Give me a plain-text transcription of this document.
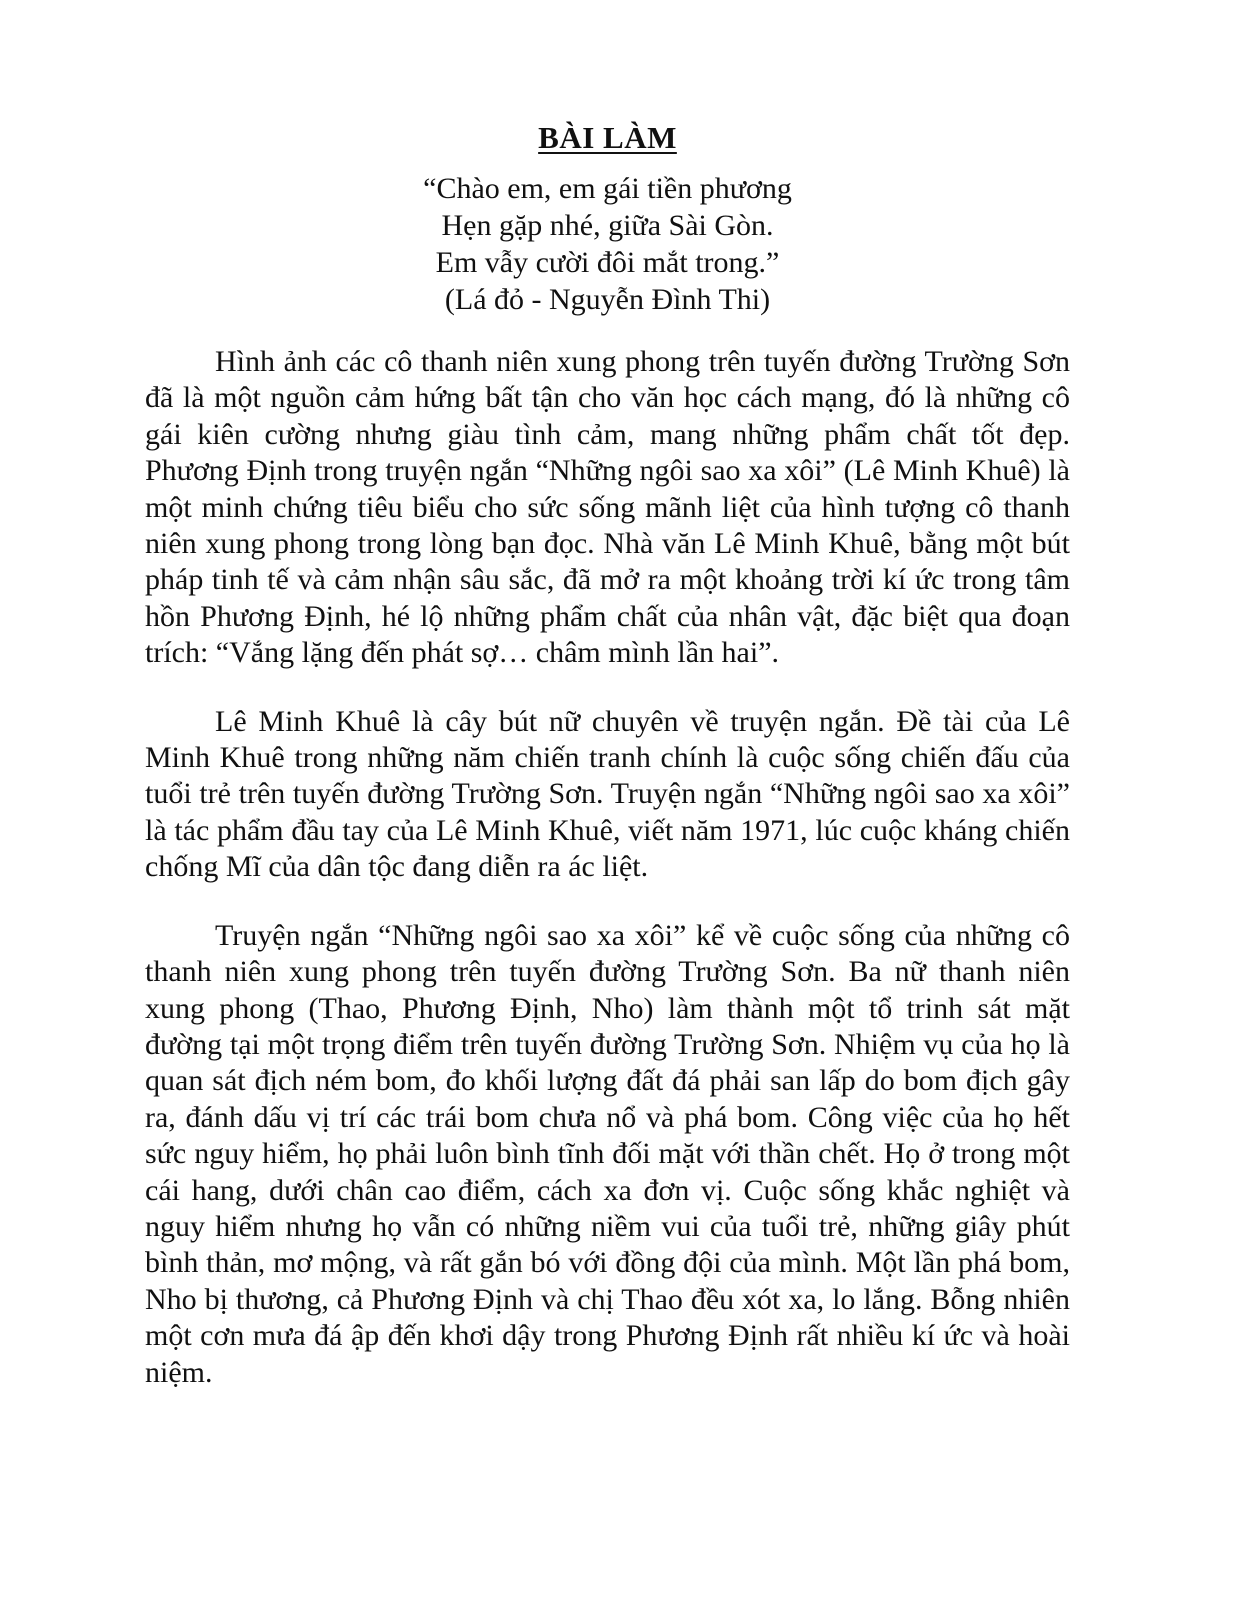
BÀI LÀM
“Chào em, em gái tiền phương
Hẹn gặp nhé, giữa Sài Gòn.
Em vẫy cười đôi mắt trong.”
(Lá đỏ - Nguyễn Đình Thi)

Hình ảnh các cô thanh niên xung phong trên tuyến đường Trường Sơn đã là một nguồn cảm hứng bất tận cho văn học cách mạng, đó là những cô gái kiên cường nhưng giàu tình cảm, mang những phẩm chất tốt đẹp. Phương Định trong truyện ngắn “Những ngôi sao xa xôi” (Lê Minh Khuê) là một minh chứng tiêu biểu cho sức sống mãnh liệt của hình tượng cô thanh niên xung phong trong lòng bạn đọc. Nhà văn Lê Minh Khuê, bằng một bút pháp tinh tế và cảm nhận sâu sắc, đã mở ra một khoảng trời kí ức trong tâm hồn Phương Định, hé lộ những phẩm chất của nhân vật, đặc biệt qua đoạn trích: “Vắng lặng đến phát sợ… châm mình lần hai”.

Lê Minh Khuê là cây bút nữ chuyên về truyện ngắn. Đề tài của Lê Minh Khuê trong những năm chiến tranh chính là cuộc sống chiến đấu của tuổi trẻ trên tuyến đường Trường Sơn. Truyện ngắn “Những ngôi sao xa xôi” là tác phẩm đầu tay của Lê Minh Khuê, viết năm 1971, lúc cuộc kháng chiến chống Mĩ của dân tộc đang diễn ra ác liệt.

Truyện ngắn “Những ngôi sao xa xôi” kể về cuộc sống của những cô thanh niên xung phong trên tuyến đường Trường Sơn. Ba nữ thanh niên xung phong (Thao, Phương Định, Nho) làm thành một tổ trinh sát mặt đường tại một trọng điểm trên tuyến đường Trường Sơn. Nhiệm vụ của họ là quan sát địch ném bom, đo khối lượng đất đá phải san lấp do bom địch gây ra, đánh dấu vị trí các trái bom chưa nổ và phá bom. Công việc của họ hết sức nguy hiểm, họ phải luôn bình tĩnh đối mặt với thần chết. Họ ở trong một cái hang, dưới chân cao điểm, cách xa đơn vị. Cuộc sống khắc nghiệt và nguy hiểm nhưng họ vẫn có những niềm vui của tuổi trẻ, những giây phút bình thản, mơ mộng, và rất gắn bó với đồng đội của mình. Một lần phá bom, Nho bị thương, cả Phương Định và chị Thao đều xót xa, lo lắng. Bỗng nhiên một cơn mưa đá ập đến khơi dậy trong Phương Định rất nhiều kí ức và hoài niệm.
